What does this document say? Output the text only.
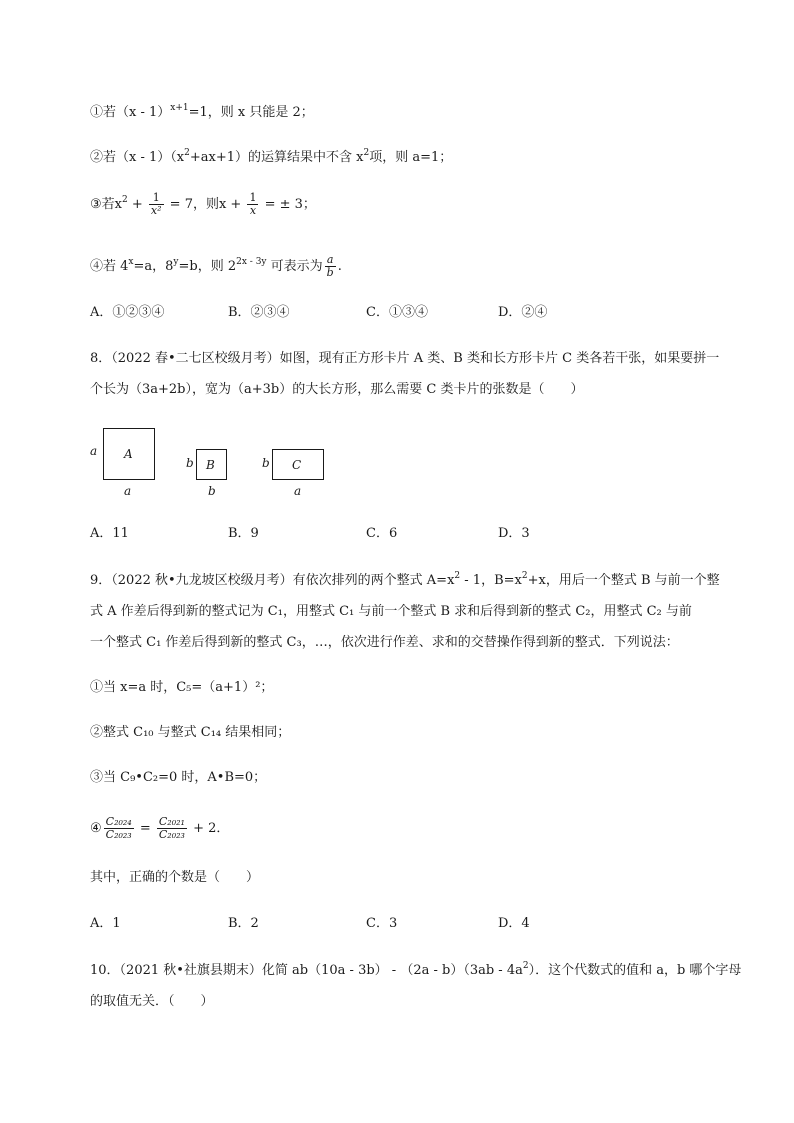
①若（x - 1）$^{x+1}$=1，则 x 只能是 2；
②若$(x - 1)(x^2+ax+1)$的运算结果中不含 $x^2$项，则 a=1；
③若$x^2 + \frac{1}{\text{x²}} = 7$，则$x + \frac{1}{x}$ = ± 3；
④若 $4^x=a$，$8^y=b$，则 $2^{2x - 3y}$ 可表示为 $\frac{a}{b}$ .
A．①②③④	B．②③④	C．①③④	D．②④
8．（2022 春•二七区校级月考）如图，现有正方形卡片 A 类、B 类和长方形卡片 C 类各若干张，如果要拼一
个长为（3a+2b），宽为（a+3b）的大长方形，那么需要 C 类卡片的张数是（　　）
a A
a
b B
b
b C
a
A．11	B．9	C．6	D．3
9．（2022 秋•九龙坡区校级月考）有依次排列的两个整式 $A=x^2 - 1$，$B=x^2+x$，用后一个整式 B 与前一个整
式 A 作差后得到新的整式记为 C₁，用整式 C₁ 与前一个整式 B 求和后得到新的整式 C₂，用整式 C₂ 与前
一个整式 C₁ 作差后得到新的整式 C₃，…，依次进行作差、求和的交替操作得到新的整式．下列说法：
①当 x=a 时，C₅=（a+1）²；
②整式 C₁₀ 与整式 C₁₄ 结果相同；
③当 C₉•C₂=0 时，A•B=0；
④ $\frac{\text{C₂₀₂₄}}{\text{C₂₀₂₃}} = \frac{\text{C₂₀₂₁}}{\text{C₂₀₂₃}} + 2$．
其中，正确的个数是（　　）
A．1	B．2	C．3	D．4
10．（2021 秋•社旗县期末）化简 $ab(10a - 3b) - (2a - b)(3ab - 4a^2)$．这个代数式的值和 a，b 哪个字母
的取值无关．（　　）
